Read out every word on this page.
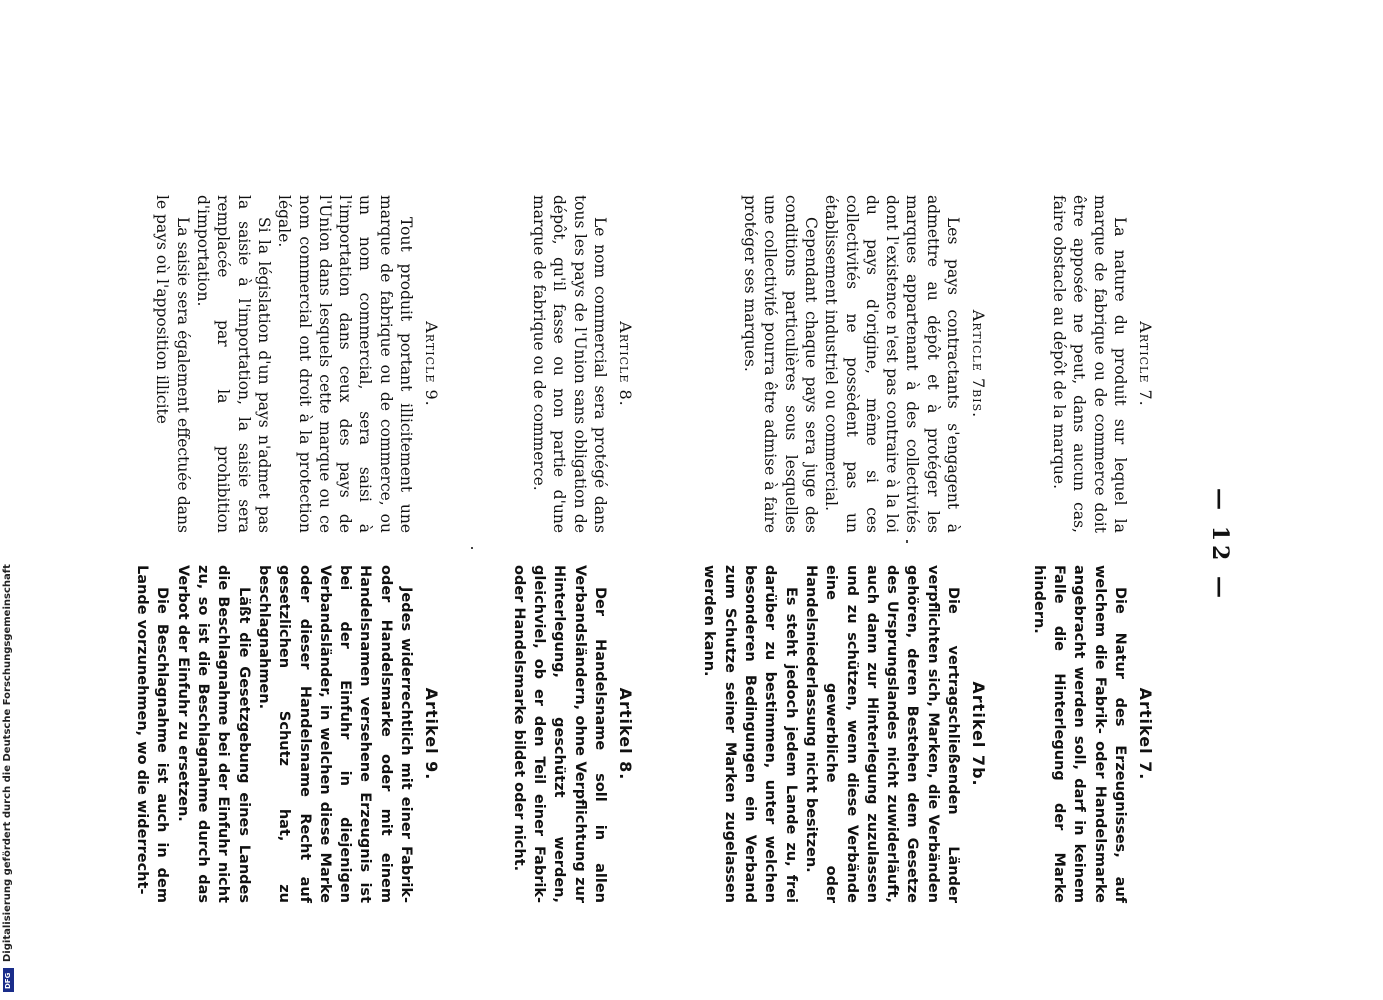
— 12 —
Article 7.

La nature du produit sur lequel la marque de fabrique ou de commerce doit être apposée ne peut, dans aucun cas, faire obstacle au dépôt de la marque.

Article 7bis.

Les pays contractants s'engagent à admettre au dépôt et à protéger les marques appartenant à des collectivités dont l'existence n'est pas contraire à la loi du pays d'origine, même si ces collectivités ne possèdent pas un établissement industriel ou commercial.

Cependant chaque pays sera juge des conditions particulières sous lesquelles une collectivité pourra être admise à faire protéger ses marques.

Article 8.

Le nom commercial sera protégé dans tous les pays de l'Union sans obligation de dépôt, qu'il fasse ou non partie d'une marque de fabrique ou de commerce.

Article 9.

Tout produit portant illicitement une marque de fabrique ou de commerce, ou un nom commercial, sera saisi à l'importation dans ceux des pays de l'Union dans lesquels cette marque ou ce nom commercial ont droit à la protection légale.

Si la législation d'un pays n'admet pas la saisie à l'importation, la saisie sera remplacée par la prohibition d'importation.

La saisie sera également effectuée dans le pays où l'apposition illicite

Artikel 7.

Die Natur des Erzeugnisses, auf welchem die Fabrik- oder Handelsmarke angebracht werden soll, darf in keinem Falle die Hinterlegung der Marke hindern.

Artikel 7b.

Die vertragschließenden Länder verpflichten sich, Marken, die Verbänden gehören, deren Bestehen dem Gesetze des Ursprungslandes nicht zuwiderläuft, auch dann zur Hinterlegung zuzulassen und zu schützen, wenn diese Verbände eine gewerbliche oder Handelsniederlassung nicht besitzen.

Es steht jedoch jedem Lande zu, frei darüber zu bestimmen, unter welchen besonderen Bedingungen ein Verband zum Schutze seiner Marken zugelassen werden kann.

Artikel 8.

Der Handelsname soll in allen Verbandsländern, ohne Verpflichtung zur Hinterlegung, geschützt werden, gleichviel, ob er den Teil einer Fabrik- oder Handelsmarke bildet oder nicht.

Artikel 9.

Jedes widerrechtlich mit einer Fabrik- oder Handelsmarke oder mit einem Handelsnamen versehene Erzeugnis ist bei der Einfuhr in diejenigen Verbandsländer, in welchen diese Marke oder dieser Handelsname Recht auf gesetzlichen Schutz hat, zu beschlagnahmen.

Läßt die Gesetzgebung eines Landes die Beschlagnahme bei der Einfuhr nicht zu, so ist die Beschlagnahme durch das Verbot der Einfuhr zu ersetzen.

Die Beschlagnahme ist auch in dem Lande vorzunehmen, wo die widerrecht-

DFG
Digitalisierung gefördert durch die Deutsche Forschungsgemeinschaft
